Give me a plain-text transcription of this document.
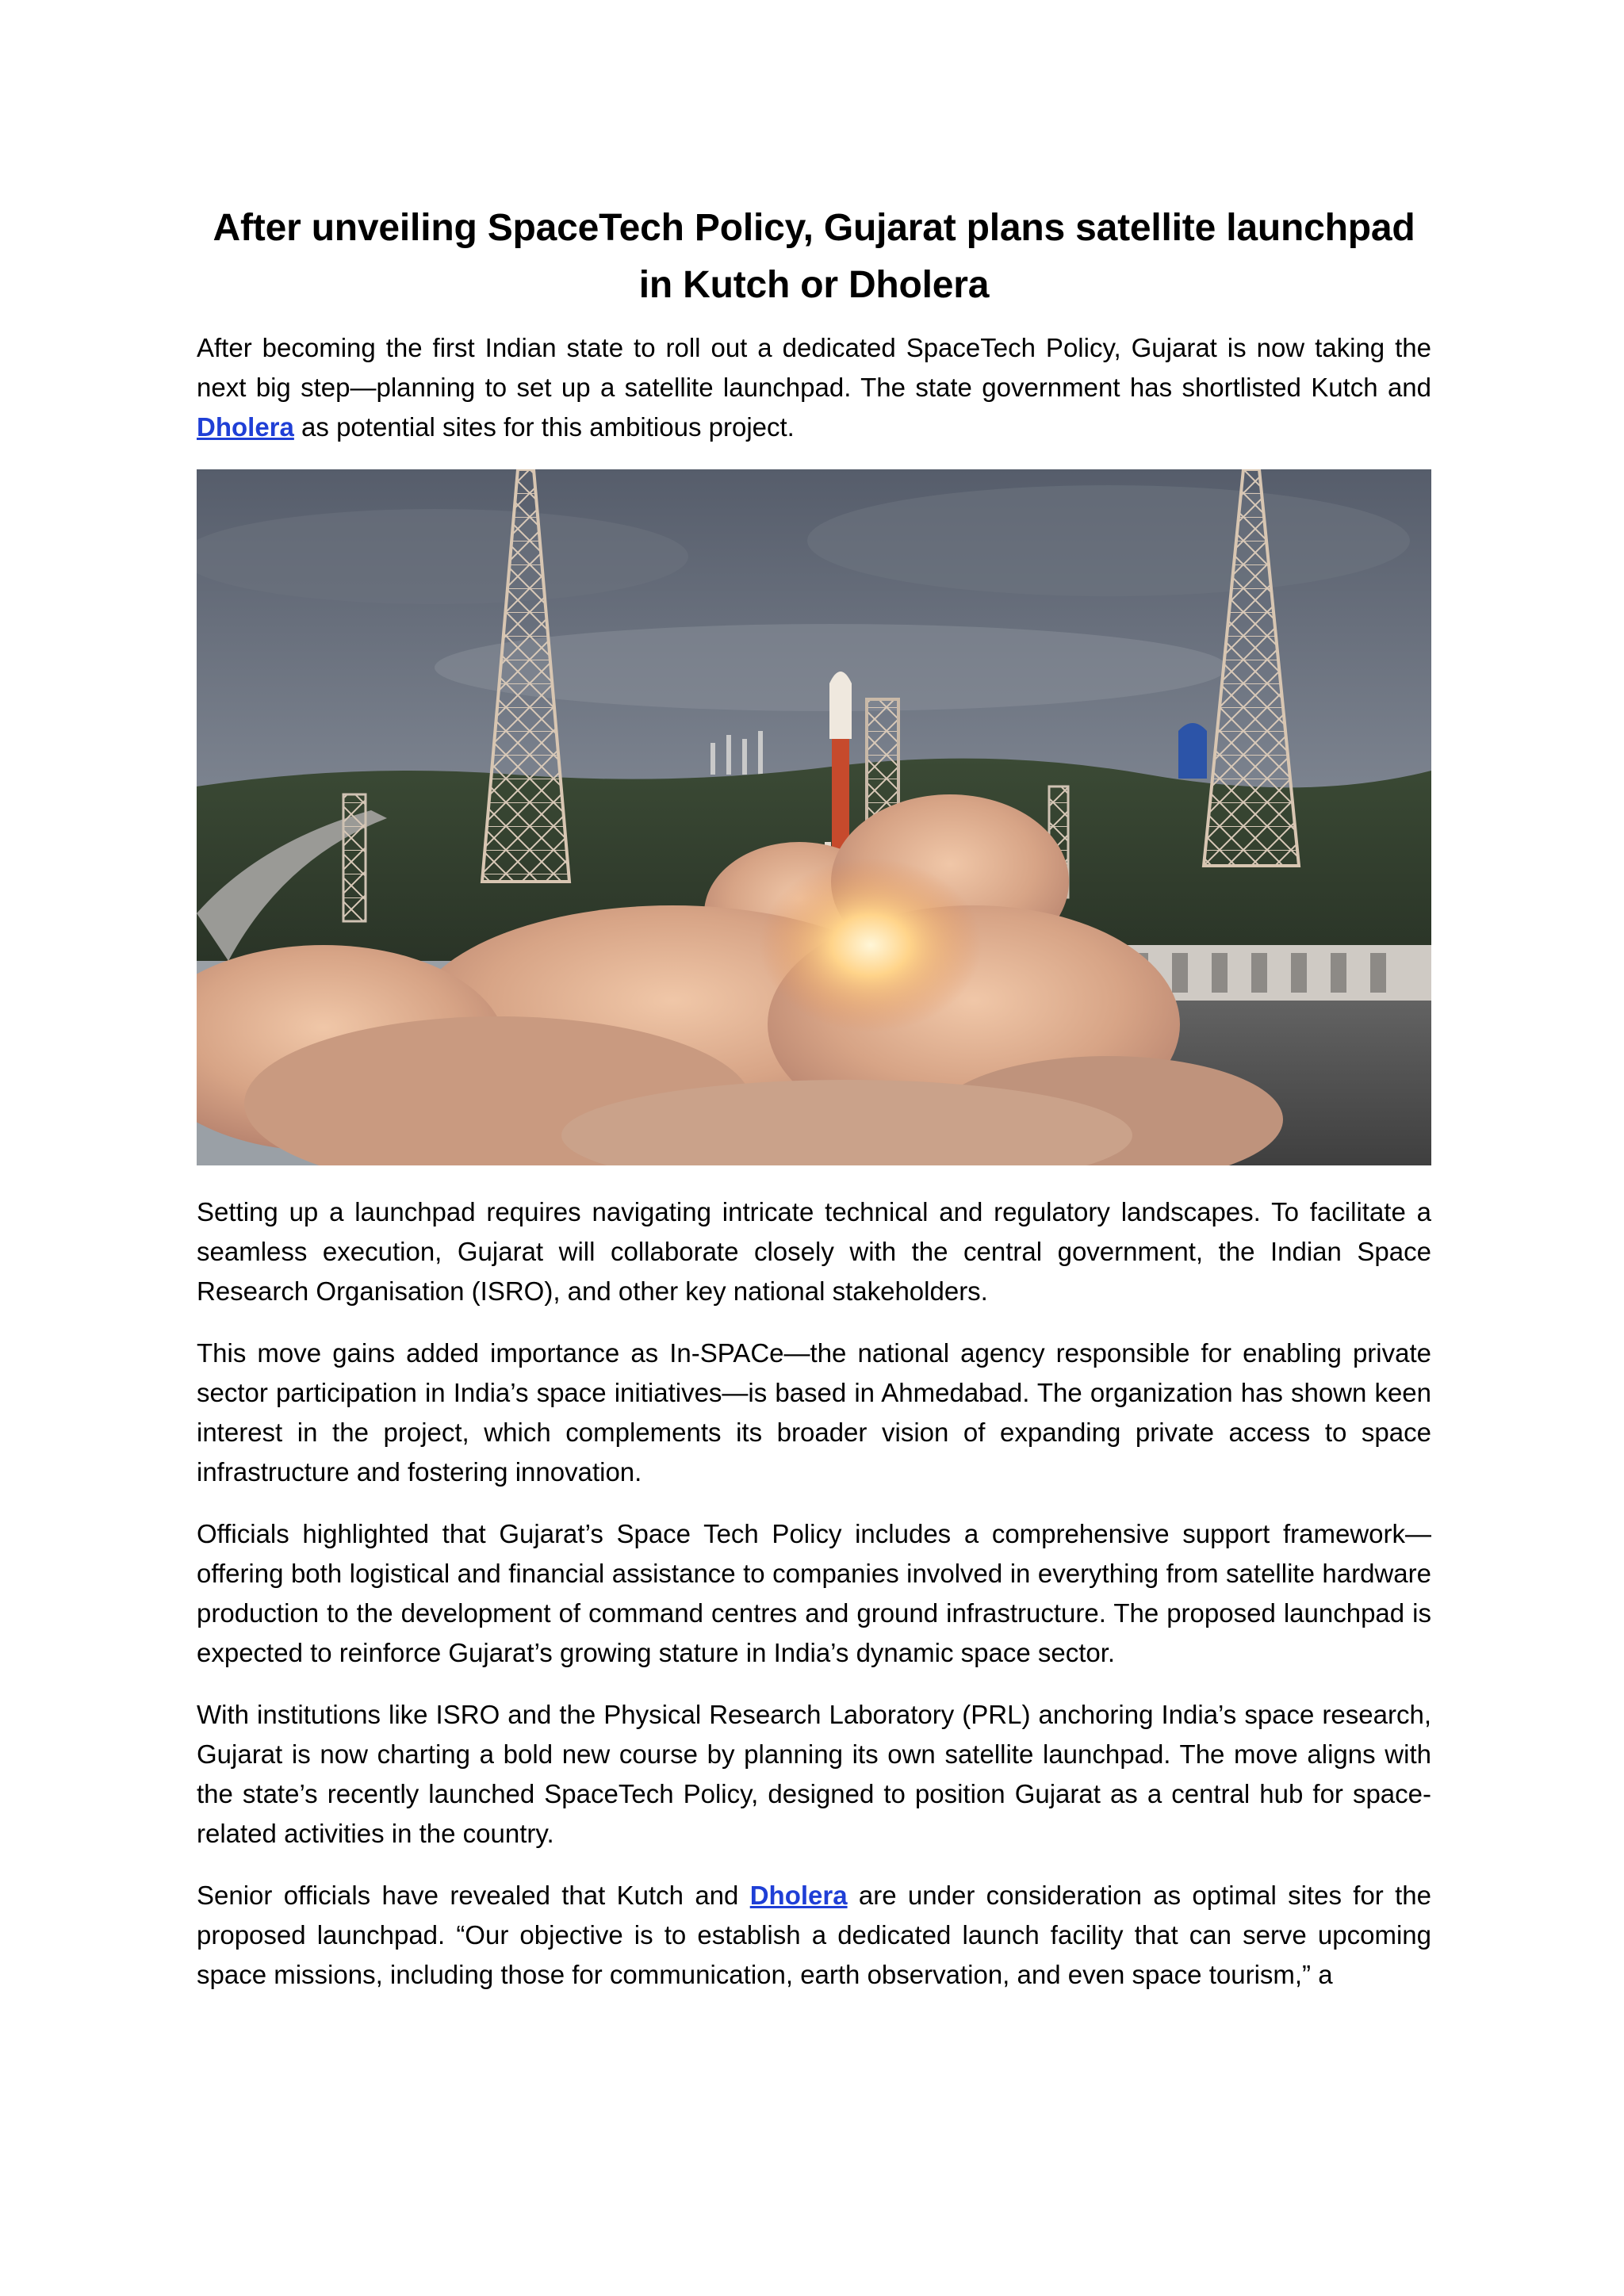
After unveiling SpaceTech Policy, Gujarat plans satellite launchpad in Kutch or Dholera

After becoming the first Indian state to roll out a dedicated SpaceTech Policy, Gujarat is now taking the next big step—planning to set up a satellite launchpad. The state government has shortlisted Kutch and Dholera as potential sites for this ambitious project.

Setting up a launchpad requires navigating intricate technical and regulatory landscapes. To facilitate a seamless execution, Gujarat will collaborate closely with the central government, the Indian Space Research Organisation (ISRO), and other key national stakeholders.

This move gains added importance as In-SPACe—the national agency responsible for enabling private sector participation in India’s space initiatives—is based in Ahmedabad. The organization has shown keen interest in the project, which complements its broader vision of expanding private access to space infrastructure and fostering innovation.

Officials highlighted that Gujarat’s Space Tech Policy includes a comprehensive support framework—offering both logistical and financial assistance to companies involved in everything from satellite hardware production to the development of command centres and ground infrastructure. The proposed launchpad is expected to reinforce Gujarat’s growing stature in India’s dynamic space sector.

With institutions like ISRO and the Physical Research Laboratory (PRL) anchoring India’s space research, Gujarat is now charting a bold new course by planning its own satellite launchpad. The move aligns with the state’s recently launched SpaceTech Policy, designed to position Gujarat as a central hub for space-related activities in the country.

Senior officials have revealed that Kutch and Dholera are under consideration as optimal sites for the proposed launchpad. “Our objective is to establish a dedicated launch facility that can serve upcoming space missions, including those for communication, earth observation, and even space tourism,” a
